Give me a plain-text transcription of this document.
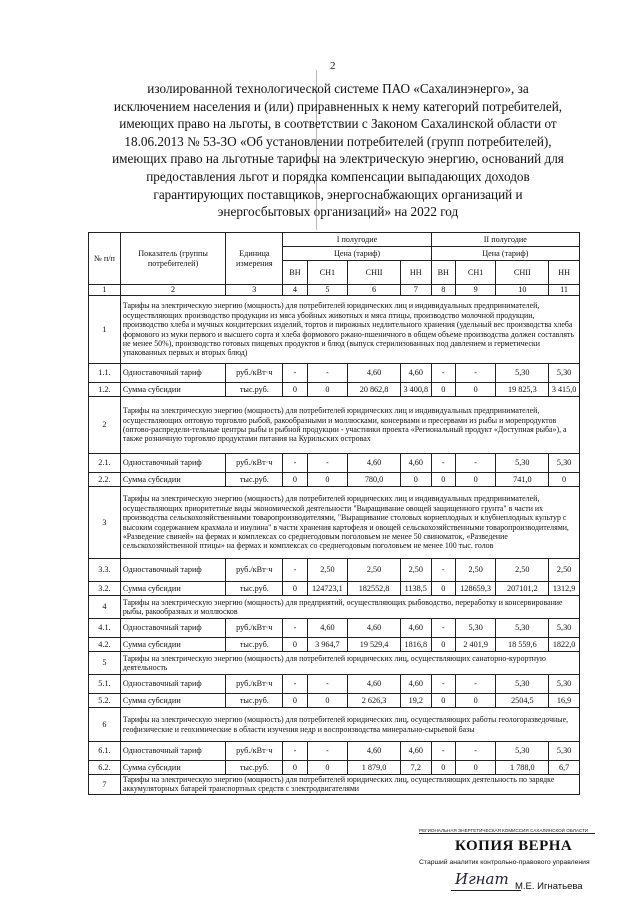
2
изолированной технологической системе ПАО «Сахалинэнерго», за
исключением населения и (или) приравненных к нему категорий потребителей,
имеющих право на льготы, в соответствии с Законом Сахалинской области от
18.06.2013 № 53-ЗО «Об установлении потребителей (групп потребителей),
имеющих право на льготные тарифы на электрическую энергию, оснований для
предоставления льгот и порядка компенсации выпадающих доходов
гарантирующих поставщиков, энергоснабжающих организаций и
энергосбытовых организаций» на 2022 год
№ п/п	Показатель (группы потребителей)	Единица измерения	I полугодие				II полугодие			
			Цена (тариф)				Цена (тариф)			
			ВН	СН1	СНII	НН	ВН	СН1	СНII	НН
1	2	3	4	5	6	7	8	9	10	11
1	Тарифы на электрическую энергию (мощность) для потребителей юридических лиц и индивидуальных предпринимателей, осуществляющих производство продукции из мяса убойных животных и мяса птицы, производство молочной продукции, производство хлеба и мучных кондитерских изделий, тортов и пирожных недлительного хранения (удельный вес производства хлеба формового из муки первого и высшего сорта и хлеба формового ржано-пшеничного в общем объеме производства должен составлять не менее 50%), производство готовых пищевых продуктов и блюд (выпуск стерилизованных под давлением и герметически упакованных первых и вторых блюд)									
1.1.	Одноставочный тариф	руб./кВт·ч	-	-	4,60	4,60	-	-	5,30	5,30
1.2.	Сумма субсидии	тыс.руб.	0	0	20 862,8	3 400,8	0	0	19 825,3	3 415,0
2	Тарифы на электрическую энергию (мощность) для потребителей юридических лиц и индивидуальных предпринимателей, осуществляющих оптовую торговлю рыбой, ракообразными и моллюсками, консервами и пресервами из рыбы и морепродуктов (оптово-распредели-тельные центры рыбы и рыбной продукции - участники проекта «Региональный продукт «Доступная рыба»), а также розничную торговлю продуктами питания на Курильских островах									
2.1.	Одноставочный тариф	руб./кВт·ч	-	-	4,60	4,60	-	-	5,30	5,30
2.2.	Сумма субсидии	тыс.руб.	0	0	780,0	0	0	0	741,0	0
3	Тарифы на электрическую энергию (мощность) для потребителей юридических лиц и индивидуальных предпринимателей, осуществляющих приоритетные виды экономической деятельности "Выращивание овощей защищенного грунта" в части их производства сельскохозяйственными товаропроизводителями, "Выращивание столовых корнеплодных и клубнеплодных культур с высоким содержанием крахмала и инулина" в части хранения картофеля и овощей сельскохозяйственными товаропроизводителями, «Разведение свиней» на фермах и комплексах со среднегодовым поголовьем не менее 50 свиноматок, «Разведение сельскохозяйственной птицы» на фермах и комплексах со среднегодовым поголовьем не менее 100 тыс. голов									
3.3.	Одноставочный тариф	руб./кВт·ч	-	2,50	2,50	2,50	-	2,50	2,50	2,50
3.2.	Сумма субсидии	тыс.руб.	0	124723,1	182552,8	1138,5	0	128659,3	207101,2	1312,9
4	Тарифы на электрическую энергию (мощность) для предприятий, осуществляющих рыбоводство, переработку и консервирование рыбы, ракообразных и моллюсков									
4.1.	Одноставочный тариф	руб./кВт·ч	-	4,60	4,60	4,60	-	5,30	5,30	5,30
4.2.	Сумма субсидии	тыс.руб.	0	3 964,7	19 529,4	1816,8	0	2 401,9	18 559,6	1822,0
5	Тарифы на электрическую энергию (мощность) для потребителей юридических лиц, осуществляющих санаторно-курортную деятельность									
5.1.	Одноставочный тариф	руб./кВт·ч	-	-	4,60	4,60	-	-	5,30	5,30
5.2.	Сумма субсидии	тыс.руб.	0	0	2 626,3	19,2	0	0	2504,5	16,9
6	Тарифы на электрическую энергию (мощность) для потребителей юридических лиц, осуществляющих работы геологоразведочные, геофизические и геохимические в области изучения недр и воспроизводства минерально-сырьевой базы									
6.1.	Одноставочный тариф	руб./кВт·ч	-	-	4,60	4,60	-	-	5,30	5,30
6.2.	Сумма субсидии	тыс.руб.	0	0	1 879,0	7,2	0	0	1 788,0	6,7
7	Тарифы на электрическую энергию (мощность) для потребителей юридических лиц, осуществляющих деятельность по зарядке аккумуляторных батарей транспортных средств с электродвигателями									
РЕГИОНАЛЬНАЯ ЭНЕРГЕТИЧЕСКАЯ КОМИССИЯ САХАЛИНСКОЙ ОБЛАСТИ
КОПИЯ ВЕРНА
Старший аналитик контрольно-правового управления
Игнат М.Е. Игнатьева
